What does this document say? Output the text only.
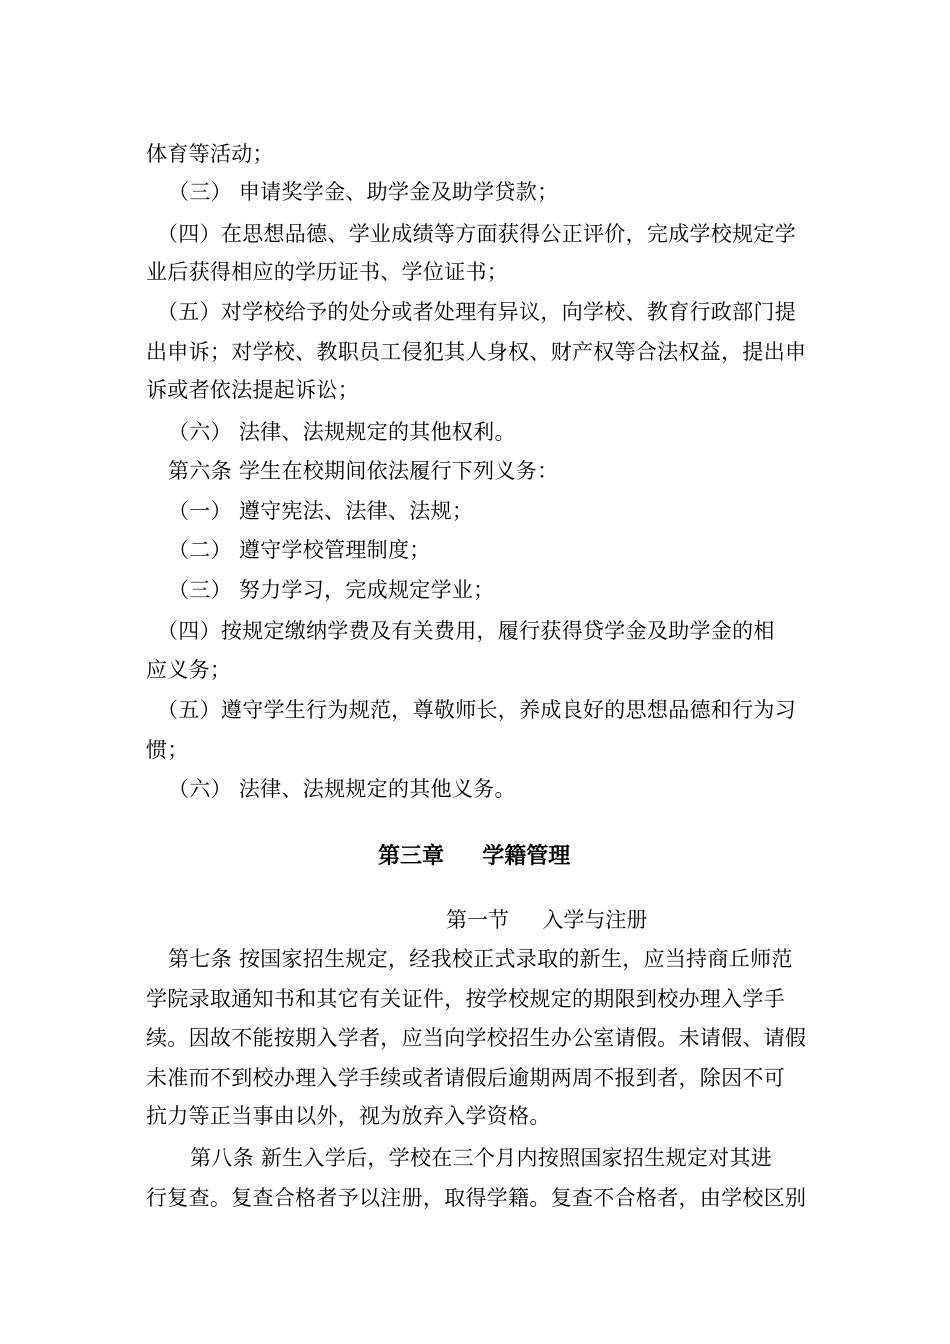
体育等活动；
（三） 申请奖学金、助学金及助学贷款；
（四）在思想品德、学业成绩等方面获得公正评价，完成学校规定学
业后获得相应的学历证书、学位证书；
（五）对学校给予的处分或者处理有异议，向学校、教育行政部门提
出申诉；对学校、教职员工侵犯其人身权、财产权等合法权益，提出申
诉或者依法提起诉讼；
（六） 法律、法规规定的其他权利。
第六条 学生在校期间依法履行下列义务：
（一） 遵守宪法、法律、法规；
（二） 遵守学校管理制度；
（三） 努力学习，完成规定学业；
（四）按规定缴纳学费及有关费用，履行获得贷学金及助学金的相
应义务；
（五）遵守学生行为规范，尊敬师长，养成良好的思想品德和行为习
惯；
（六） 法律、法规规定的其他义务。
第三章     学籍管理
第一节     入学与注册
第七条 按国家招生规定，经我校正式录取的新生，应当持商丘师范
学院录取通知书和其它有关证件，按学校规定的期限到校办理入学手
续。因故不能按期入学者，应当向学校招生办公室请假。未请假、请假
未准而不到校办理入学手续或者请假后逾期两周不报到者，除因不可
抗力等正当事由以外，视为放弃入学资格。
第八条 新生入学后，学校在三个月内按照国家招生规定对其进
行复查。复查合格者予以注册，取得学籍。复查不合格者，由学校区别
